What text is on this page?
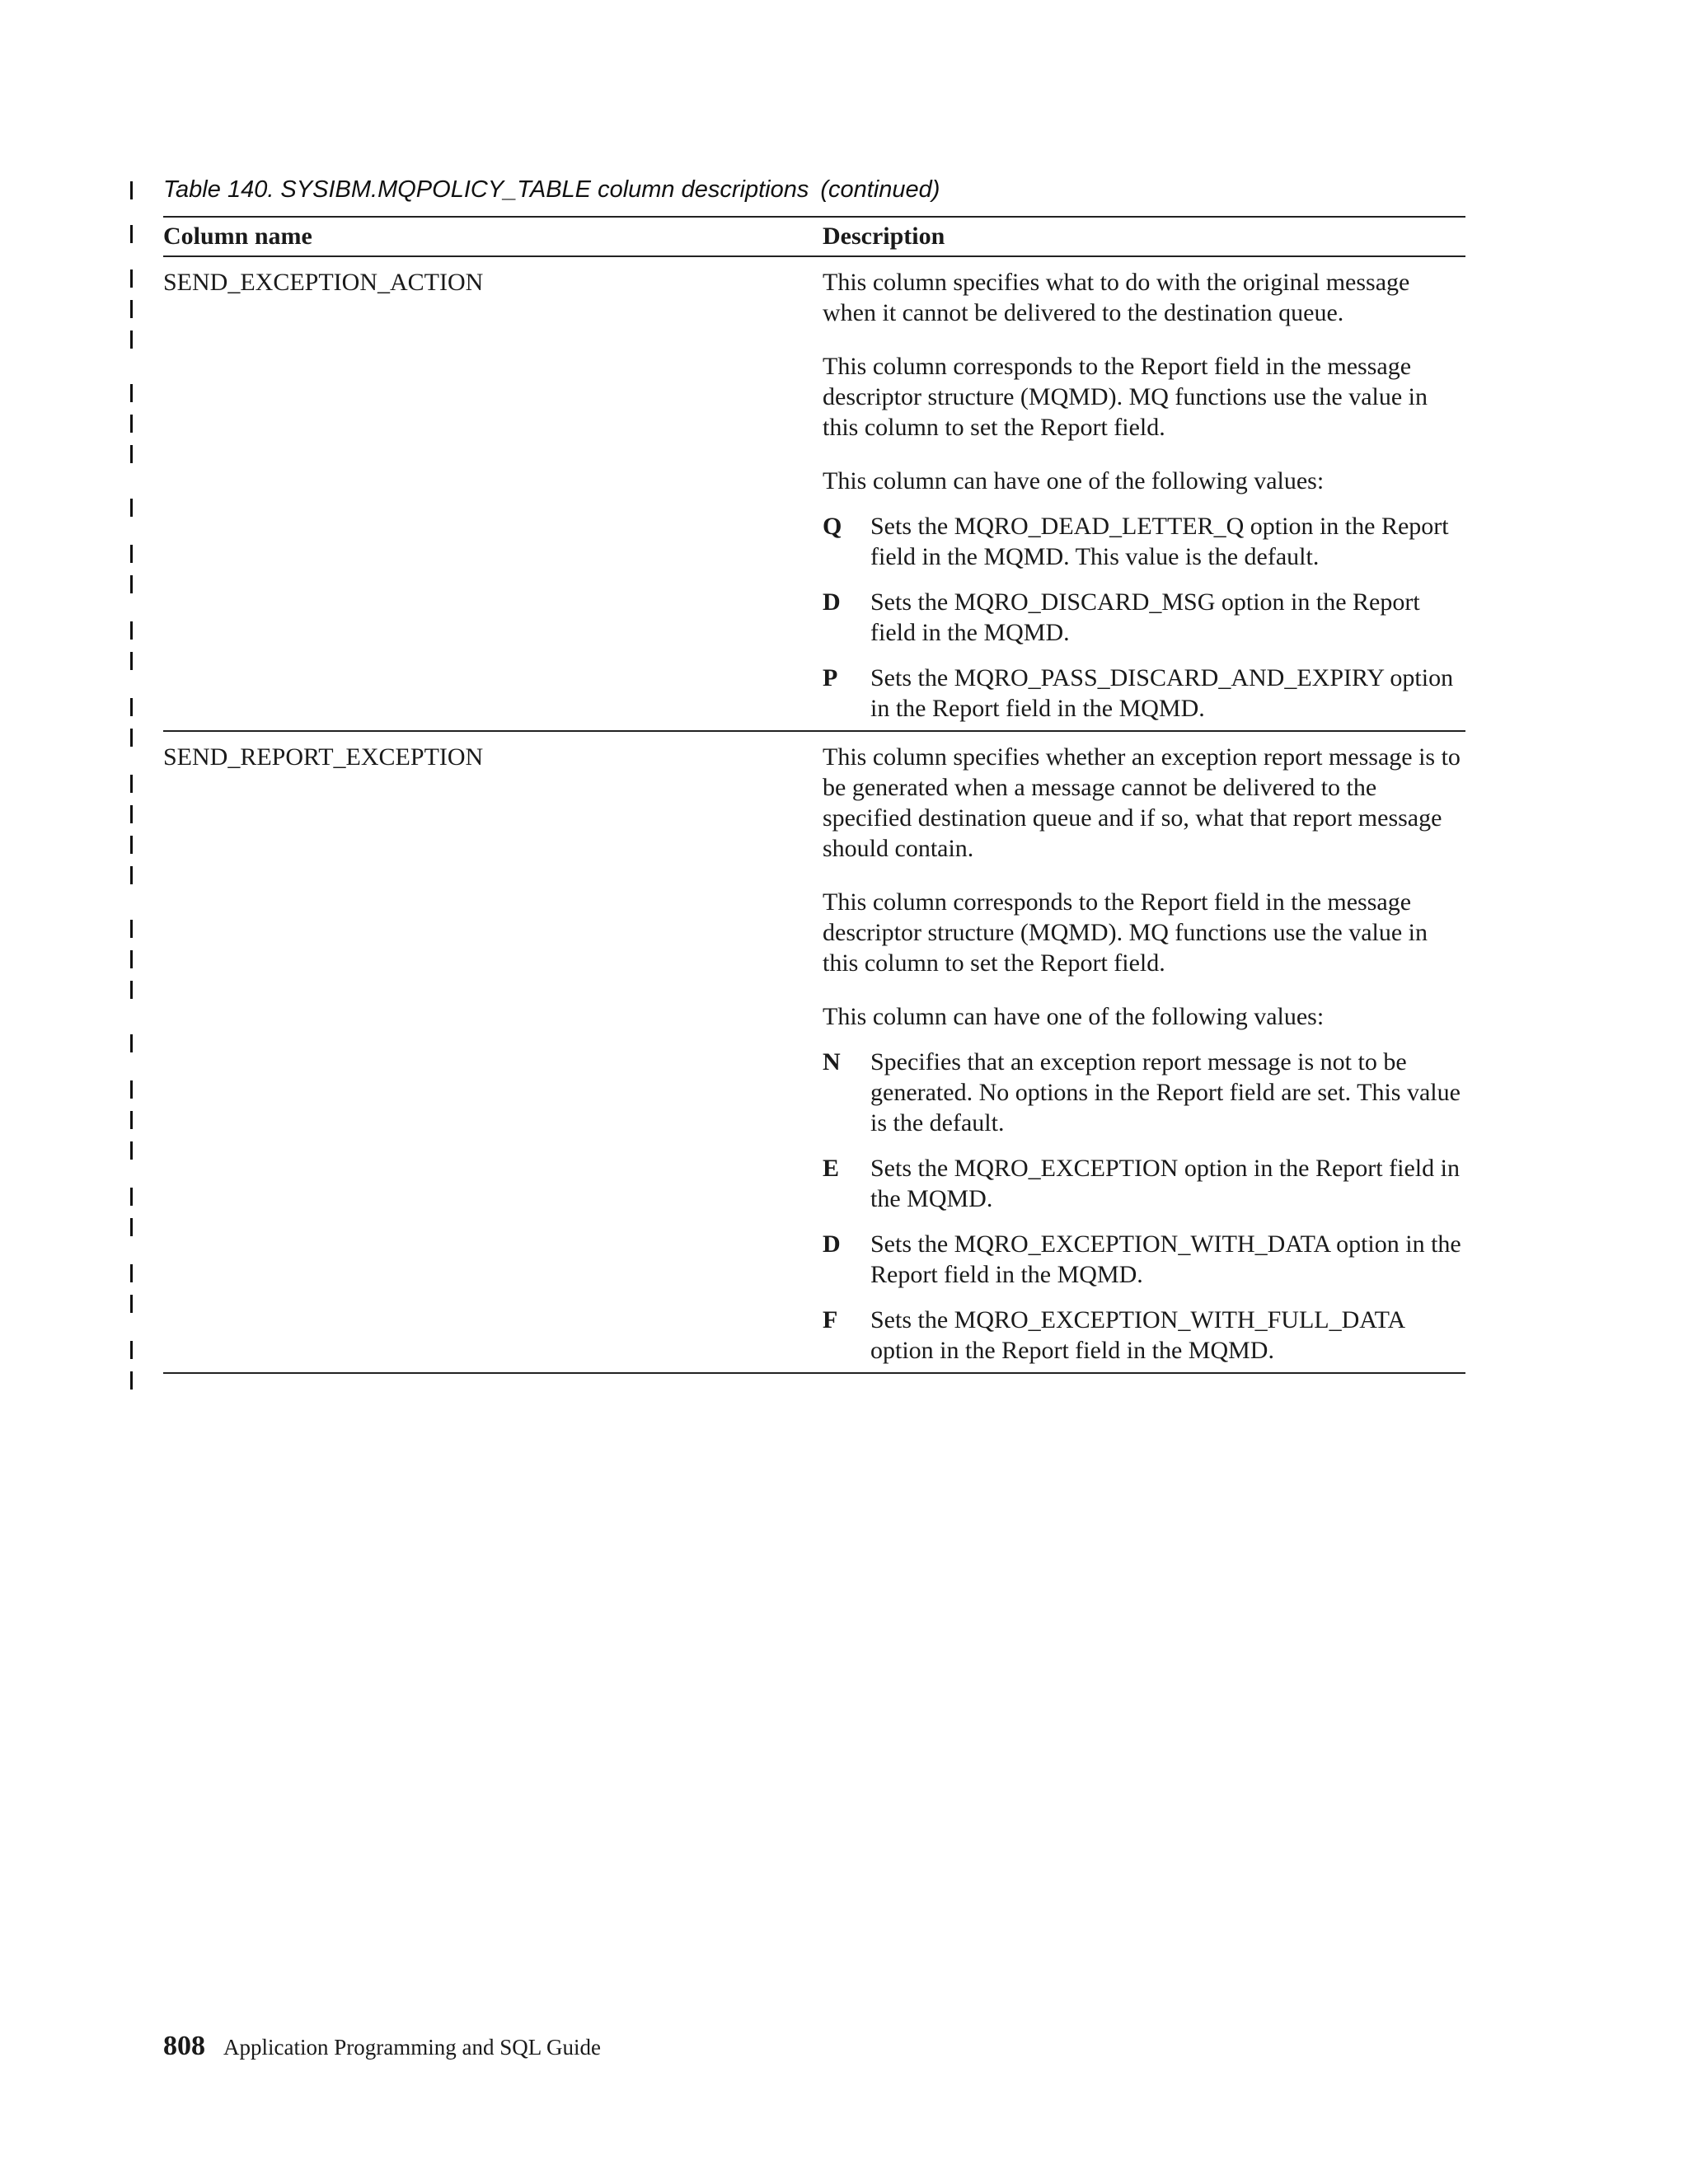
Table 140. SYSIBM.MQPOLICY_TABLE column descriptions (continued)
Column name	Description
SEND_EXCEPTION_ACTION	This column specifies what to do with the original message when it cannot be delivered to the destination queue.

This column corresponds to the Report field in the message descriptor structure (MQMD). MQ functions use the value in this column to set the Report field.

This column can have one of the following values:

Q	Sets the MQRO_DEAD_LETTER_Q option in the Report field in the MQMD. This value is the default.
D	Sets the MQRO_DISCARD_MSG option in the Report field in the MQMD.
P	Sets the MQRO_PASS_DISCARD_AND_EXPIRY option in the Report field in the MQMD.
SEND_REPORT_EXCEPTION	This column specifies whether an exception report message is to be generated when a message cannot be delivered to the specified destination queue and if so, what that report message should contain.

This column corresponds to the Report field in the message descriptor structure (MQMD). MQ functions use the value in this column to set the Report field.

This column can have one of the following values:

N	Specifies that an exception report message is not to be generated. No options in the Report field are set. This value is the default.
E	Sets the MQRO_EXCEPTION option in the Report field in the MQMD.
D	Sets the MQRO_EXCEPTION_WITH_DATA option in the Report field in the MQMD.
F	Sets the MQRO_EXCEPTION_WITH_FULL_DATA option in the Report field in the MQMD.
808 Application Programming and SQL Guide
